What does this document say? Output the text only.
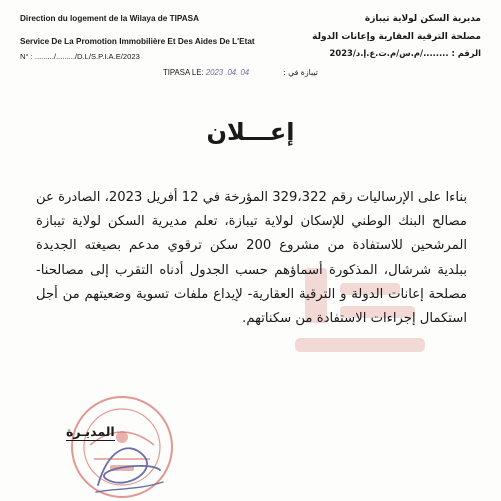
Direction du logement de la Wilaya de TIPASA
Service De La Promotion Immobilière Et Des Aides De L'Etat
N° : ........./........./D.L/S.P.I.A.E/2023
مديرية السكن لولاية تيبازة
مصلحة الترقية العقارية وإعانات الدولة
الرقم : ......../م.س/م.ت.ع.إ.د/2023
TIPASA LE: 2023 .04. 04	تيبازة في :
إعـــلان

بناءا على الإرساليات رقم 329،322 المؤرخة في 12 أفريل 2023، الصادرة عن مصالح البنك الوطني للإسكان لولاية تيبازة، تعلم مديرية السكن لولاية تيبازة المرشحين للاستفادة من مشروع 200 سكن ترقوي مدعم بصيغته الجديدة ببلدية شرشال، المذكورة أسماؤهم حسب الجدول أدناه التقرب إلى مصالحنا- مصلحة إعانات الدولة و الترقية العقارية- لإيداع ملفات تسوية وضعيتهم من أجل استكمال إجراءات الاستفادة من سكناتهم.

المديـرة
